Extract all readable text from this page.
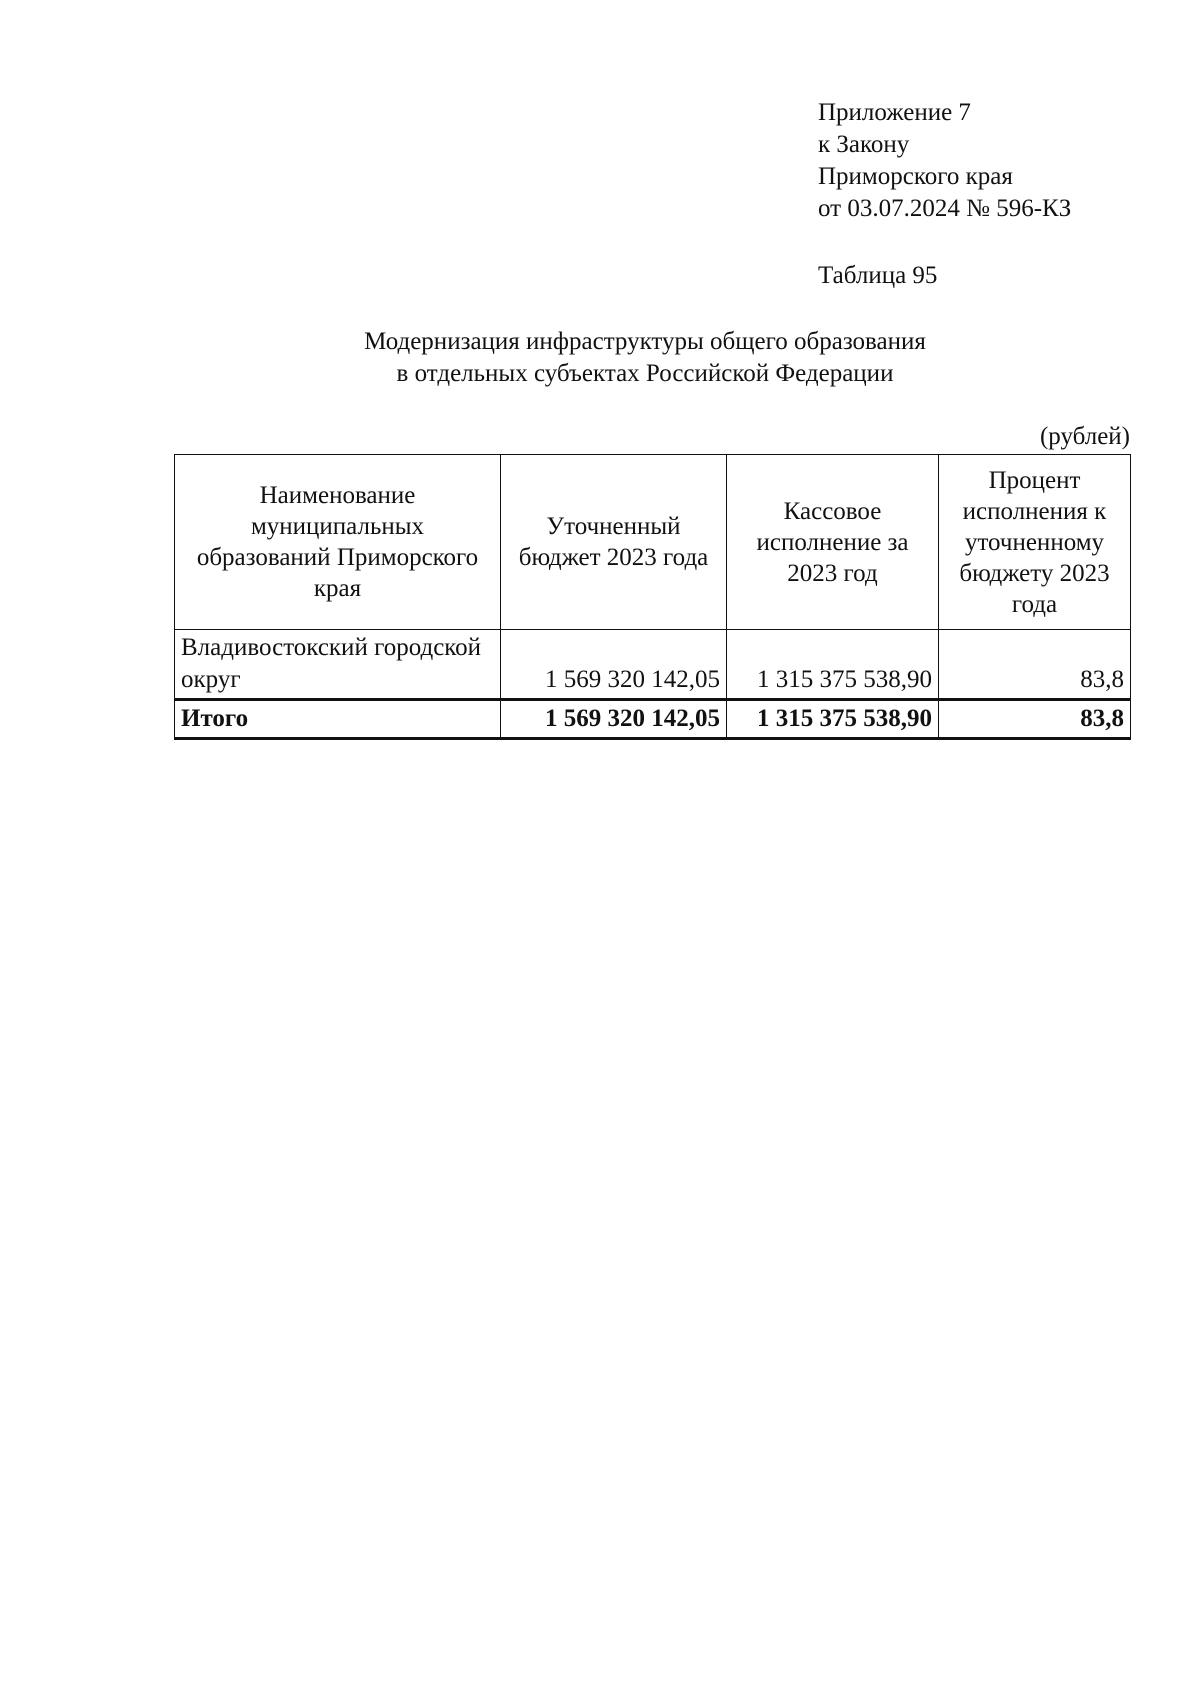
Приложение 7
к Закону
Приморского края
от 03.07.2024 № 596-КЗ
Таблица 95
Модернизация инфраструктуры общего образования
в отдельных субъектах Российской Федерации
(рублей)
Наименование муниципальных образований Приморского края	Уточненный бюджет 2023 года	Кассовое исполнение за 2023 год	Процент исполнения к уточненному бюджету 2023 года
Владивостокский городской округ	1 569 320 142,05	1 315 375 538,90	83,8
Итого	1 569 320 142,05	1 315 375 538,90	83,8
